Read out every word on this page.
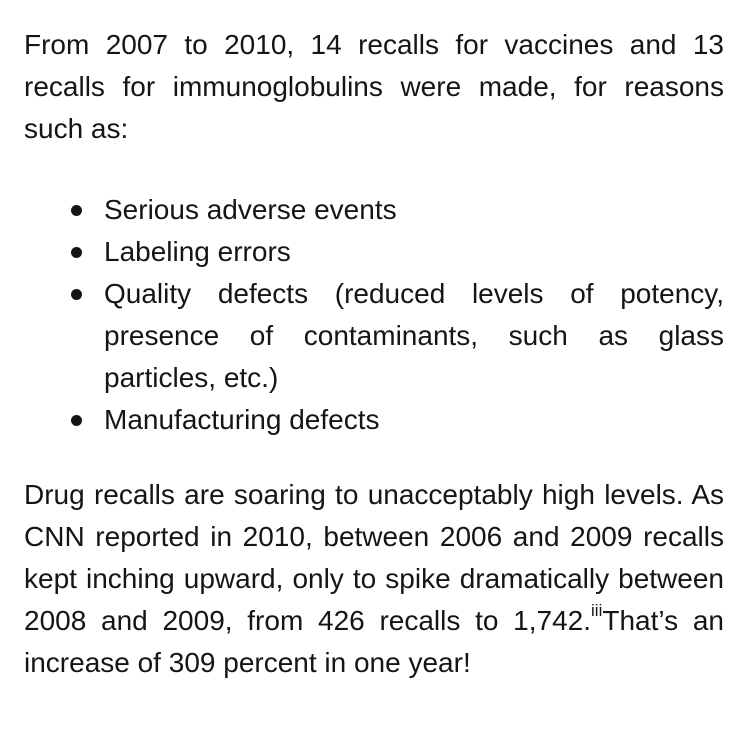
From 2007 to 2010, 14 recalls for vaccines and 13 recalls for immunoglobulins were made, for reasons such as:

Serious adverse events
Labeling errors
Quality defects (reduced levels of potency, presence of contaminants, such as glass particles, etc.)
Manufacturing defects

Drug recalls are soaring to unacceptably high levels. As CNN reported in 2010, between 2006 and 2009 recalls kept inching upward, only to spike dramatically between 2008 and 2009, from 426 recalls to 1,742.$^{iii}$That’s an increase of 309 percent in one year!
